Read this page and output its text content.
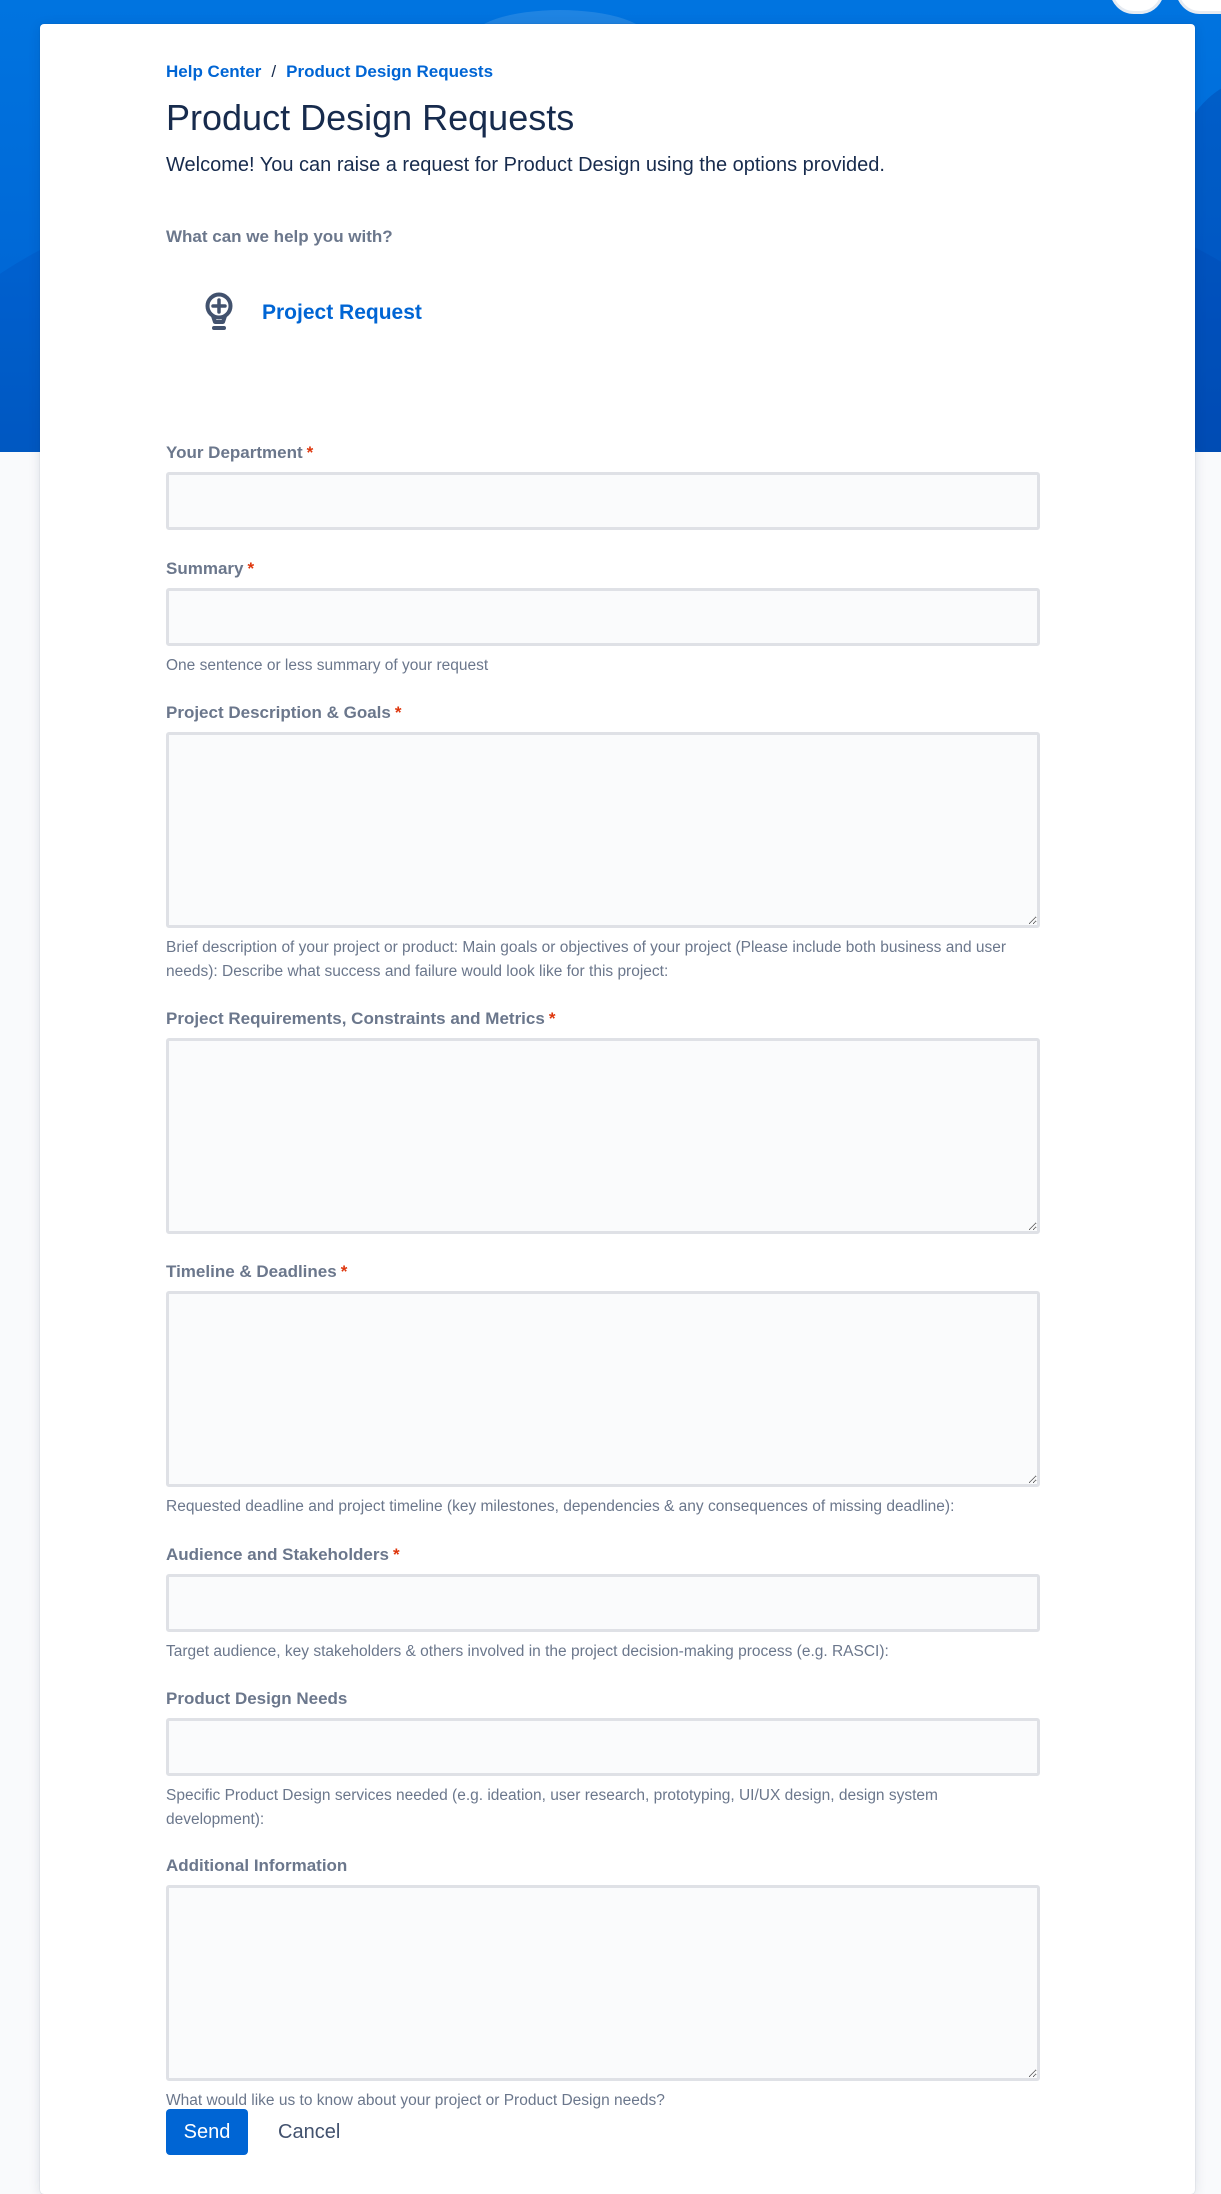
Help Center / Product Design Requests
Product Design Requests
Welcome! You can raise a request for Product Design using the options provided.
What can we help you with?
Project Request
Your Department *
Summary *
One sentence or less summary of your request
Project Description & Goals *
Brief description of your project or product: Main goals or objectives of your project (Please include both business and user needs): Describe what success and failure would look like for this project:
Project Requirements, Constraints and Metrics *
Timeline & Deadlines *
Requested deadline and project timeline (key milestones, dependencies & any consequences of missing deadline):
Audience and Stakeholders *
Target audience, key stakeholders & others involved in the project decision-making process (e.g. RASCI):
Product Design Needs
Specific Product Design services needed (e.g. ideation, user research, prototyping, UI/UX design, design system development):
Additional Information
What would like us to know about your project or Product Design needs?
Send	Cancel
